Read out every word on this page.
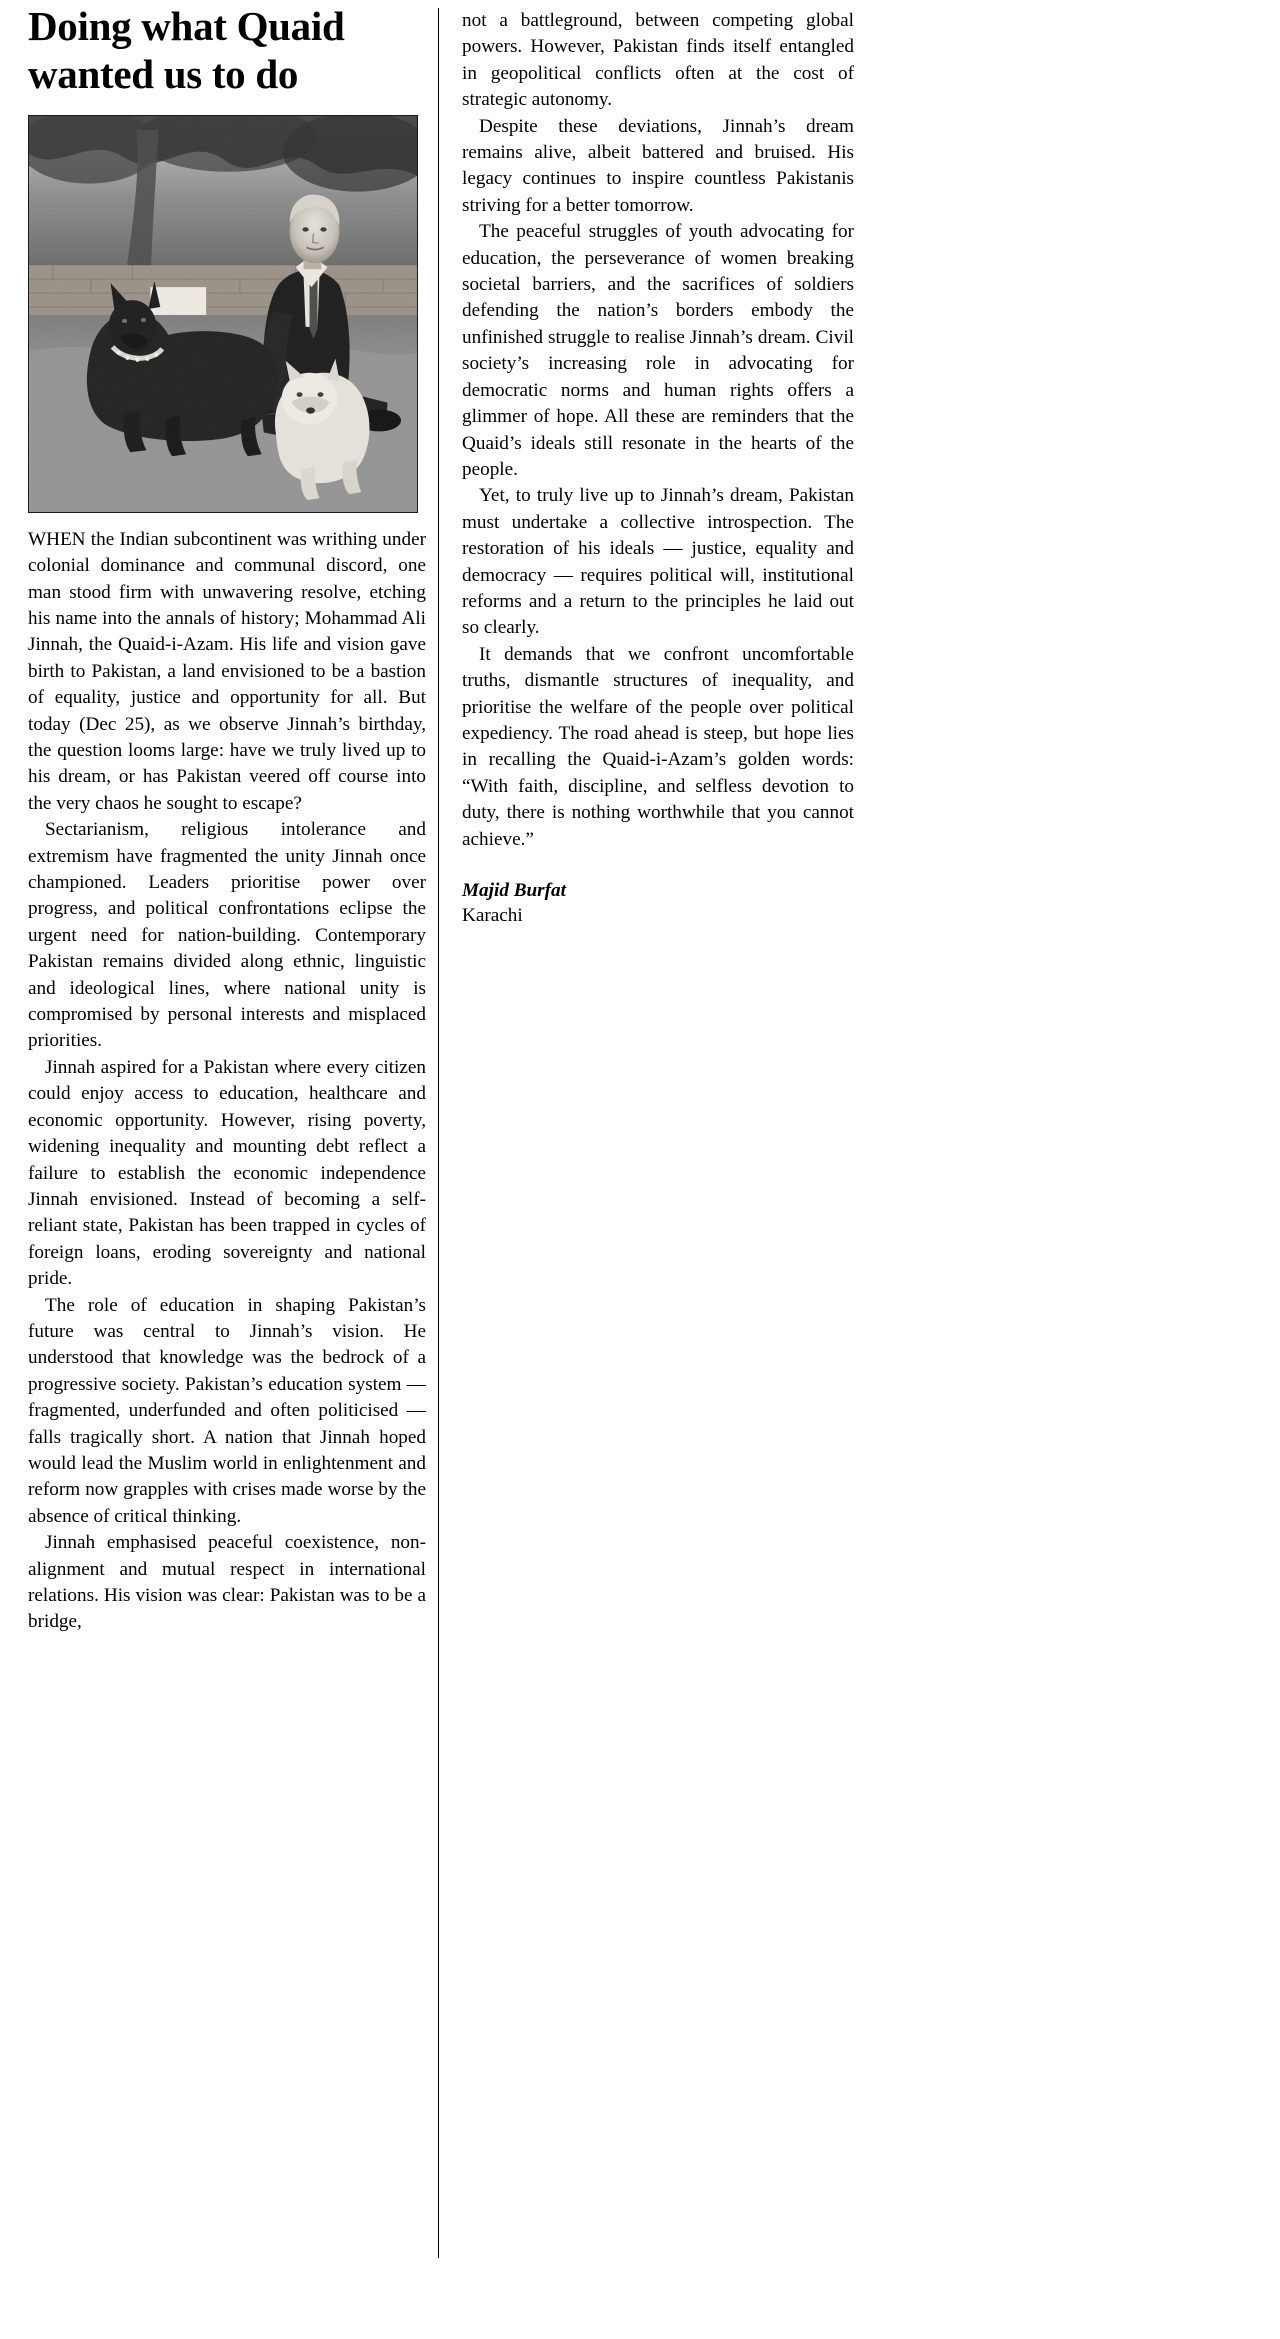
Doing what Quaid wanted us to do

WHEN the Indian subcontinent was writhing under colonial dominance and communal discord, one man stood firm with unwavering resolve, etching his name into the annals of history; Mohammad Ali Jinnah, the Quaid-i-Azam. His life and vision gave birth to Pakistan, a land envisioned to be a bastion of equality, justice and opportunity for all. But today (Dec 25), as we observe Jinnah’s birthday, the question looms large: have we truly lived up to his dream, or has Pakistan veered off course into the very chaos he sought to escape?

Sectarianism, religious intolerance and extremism have fragmented the unity Jinnah once championed. Leaders prioritise power over progress, and political confrontations eclipse the urgent need for nation-building. Contemporary Pakistan remains divided along ethnic, linguistic and ideological lines, where national unity is compromised by personal interests and misplaced priorities.

Jinnah aspired for a Pakistan where every citizen could enjoy access to education, healthcare and economic opportunity. However, rising poverty, widening inequality and mounting debt reflect a failure to establish the economic independence Jinnah envisioned. Instead of becoming a self-reliant state, Pakistan has been trapped in cycles of foreign loans, eroding sovereignty and national pride.

The role of education in shaping Pakistan’s future was central to Jinnah’s vision. He understood that knowledge was the bedrock of a progressive society. Pakistan’s education system — fragmented, underfunded and often politicised — falls tragically short. A nation that Jinnah hoped would lead the Muslim world in enlightenment and reform now grapples with crises made worse by the absence of critical thinking.

Jinnah emphasised peaceful coexistence, non-alignment and mutual respect in international relations. His vision was clear: Pakistan was to be a bridge,

not a battleground, between competing global powers. However, Pakistan finds itself entangled in geopolitical conflicts often at the cost of strategic autonomy.

Despite these deviations, Jinnah’s dream remains alive, albeit battered and bruised. His legacy continues to inspire countless Pakistanis striving for a better tomorrow.

The peaceful struggles of youth advocating for education, the perseverance of women breaking societal barriers, and the sacrifices of soldiers defending the nation’s borders embody the unfinished struggle to realise Jinnah’s dream. Civil society’s increasing role in advocating for democratic norms and human rights offers a glimmer of hope. All these are reminders that the Quaid’s ideals still resonate in the hearts of the people.

Yet, to truly live up to Jinnah’s dream, Pakistan must undertake a collective introspection. The restoration of his ideals — justice, equality and democracy — requires political will, institutional reforms and a return to the principles he laid out so clearly.

It demands that we confront uncomfortable truths, dismantle structures of inequality, and prioritise the welfare of the people over political expediency. The road ahead is steep, but hope lies in recalling the Quaid-i-Azam’s golden words: “With faith, discipline, and selfless devotion to duty, there is nothing worthwhile that you cannot achieve.”

Majid Burfat
Karachi
